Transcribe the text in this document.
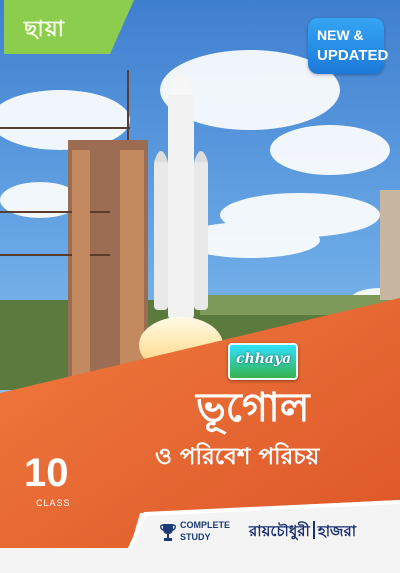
ছায়া	NEW &
UPDATED
chhaya
ভূগোল
ও পরিবেশ পরিচয়
10
CLASS
COMPLETE
STUDY	রায়চৌধুরী হাজরা
